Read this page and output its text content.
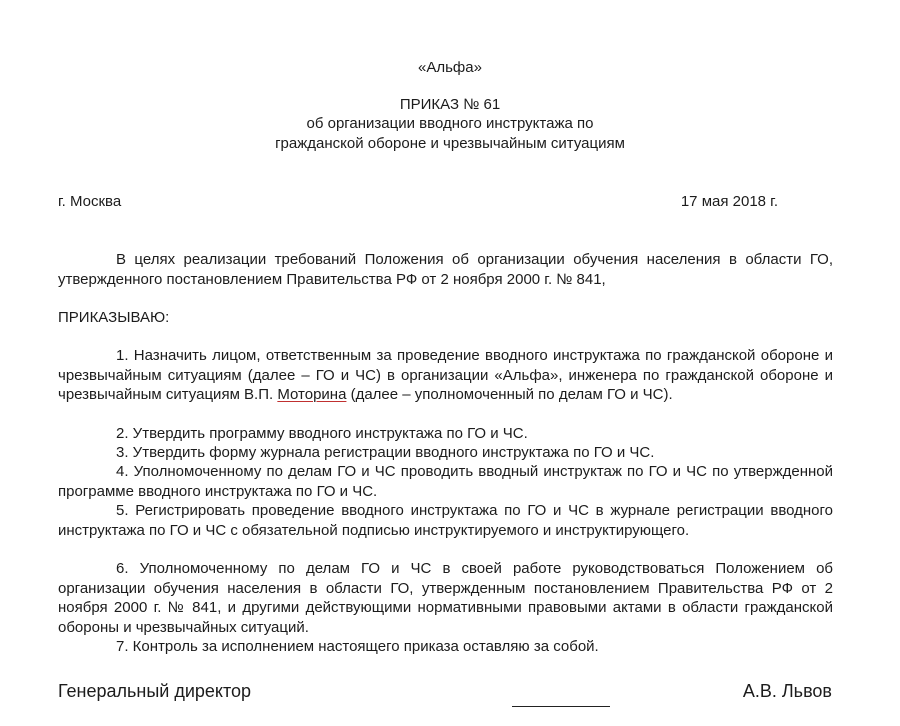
«Альфа»
ПРИКАЗ № 61
об организации вводного инструктажа по
гражданской обороне и чрезвычайным ситуациям
г. Москва	17 мая 2018 г.
В целях реализации требований Положения об организации обучения населения в области ГО, утвержденного постановлением Правительства РФ от 2 ноября 2000 г. № 841,
ПРИКАЗЫВАЮ:
1. Назначить лицом, ответственным за проведение вводного инструктажа по гражданской обороне и чрезвычайным ситуациям (далее – ГО и ЧС) в организации «Альфа», инженера по гражданской обороне и чрезвычайным ситуациям В.П. Моторина (далее – уполномоченный по делам ГО и ЧС).
2. Утвердить программу вводного инструктажа по ГО и ЧС.
3. Утвердить форму журнала регистрации вводного инструктажа по ГО и ЧС.
4. Уполномоченному по делам ГО и ЧС проводить вводный инструктаж по ГО и ЧС по утвержденной программе вводного инструктажа по ГО и ЧС.
5. Регистрировать проведение вводного инструктажа по ГО и ЧС в журнале регистрации вводного инструктажа по ГО и ЧС с обязательной подписью инструктируемого и инструктирующего.
6. Уполномоченному по делам ГО и ЧС в своей работе руководствоваться Положением об организации обучения населения в области ГО, утвержденным постановлением Правительства РФ от 2 ноября 2000 г. № 841, и другими действующими нормативными правовыми актами в области гражданской обороны и чрезвычайных ситуаций.
7. Контроль за исполнением настоящего приказа оставляю за собой.
Генеральный директор	А.В. Львов
